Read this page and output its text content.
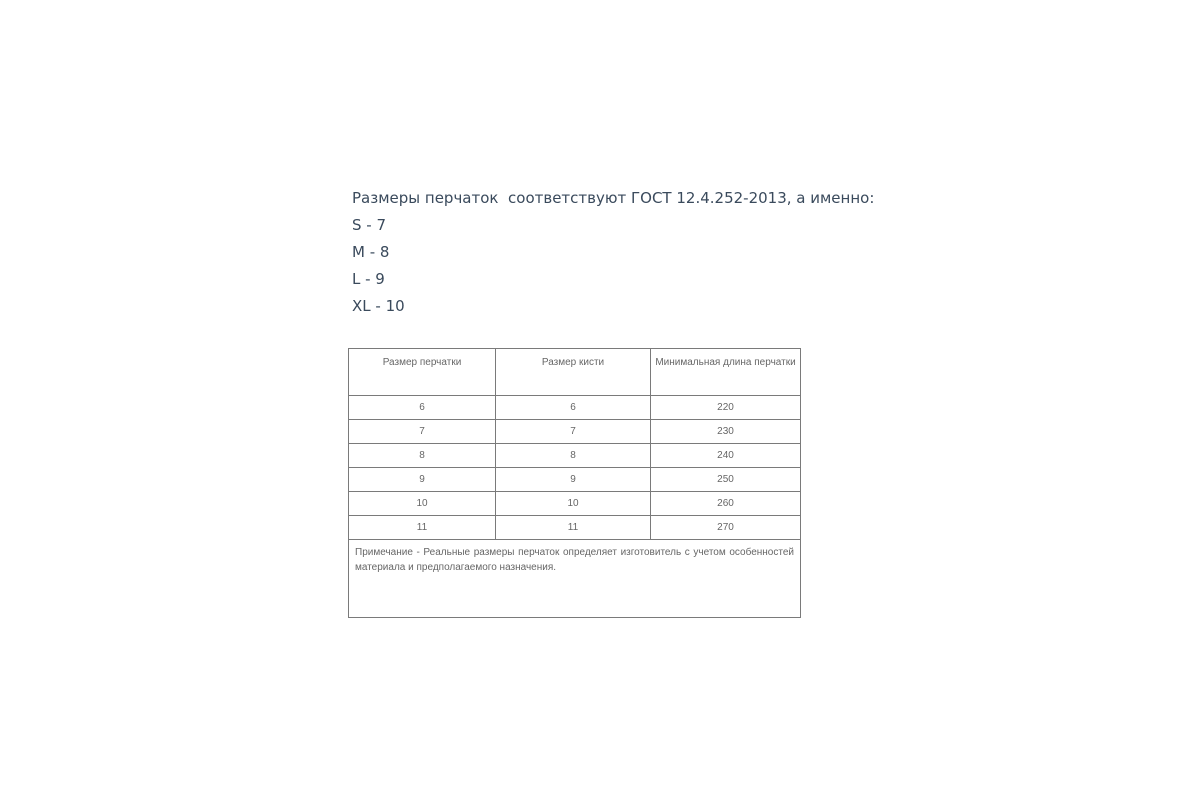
Размеры перчаток  соответствуют ГОСТ 12.4.252-2013, а именно:

S - 7

M - 8

L - 9

XL - 10

Размер перчатки	Размер кисти	Минимальная длина перчатки
6	6	220
7	7	230
8	8	240
9	9	250
10	10	260
11	11	270
Примечание - Реальные размеры перчаток определяет изготовитель с учетом особенностей материала и предполагаемого назначения.		
